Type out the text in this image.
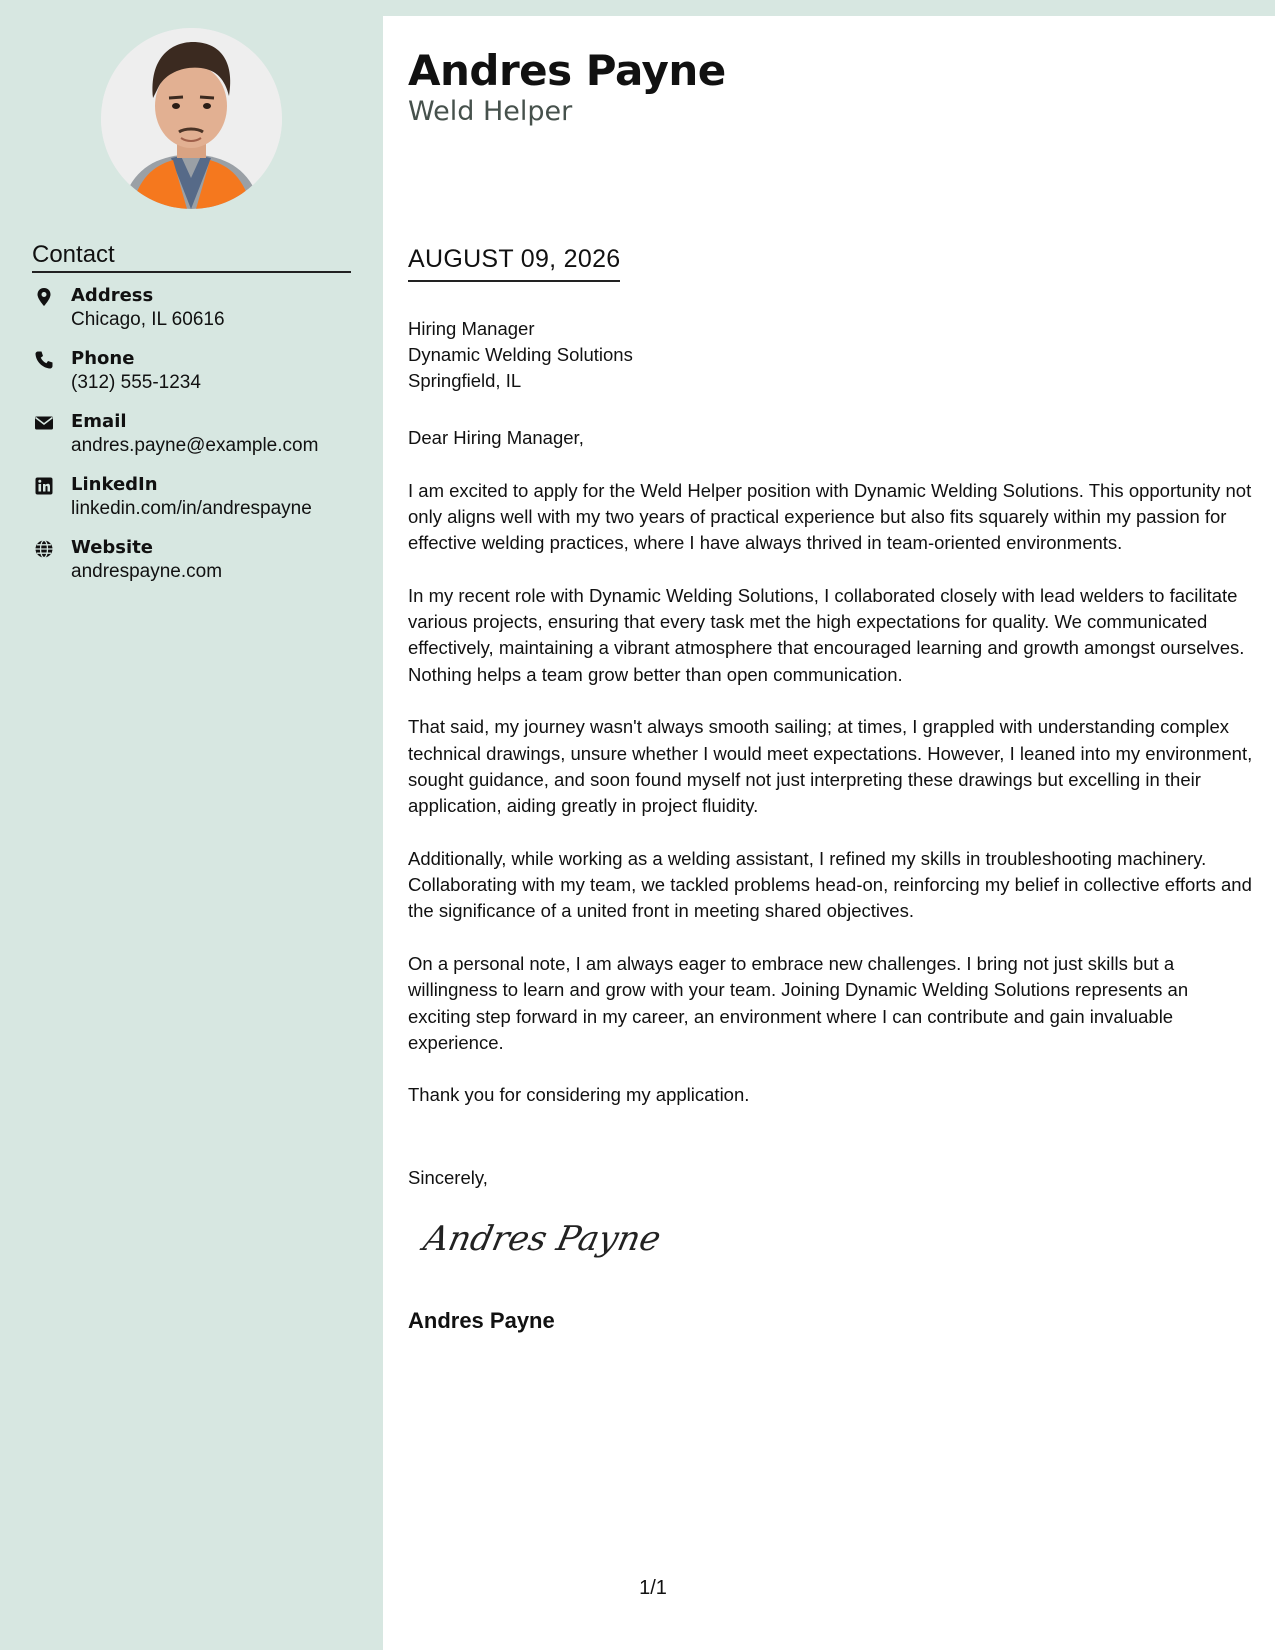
Contact
Address
Chicago, IL 60616
Phone
(312) 555-1234
Email
andres.payne@example.com
LinkedIn
linkedin.com/in/andrespayne
Website
andrespayne.com
Andres Payne
Weld Helper
AUGUST 09, 2026
Hiring Manager
Dynamic Welding Solutions
Springfield, IL

Dear Hiring Manager,

I am excited to apply for the Weld Helper position with Dynamic Welding Solutions. This opportunity not only aligns well with my two years of practical experience but also fits squarely within my passion for effective welding practices, where I have always thrived in team-oriented environments.

In my recent role with Dynamic Welding Solutions, I collaborated closely with lead welders to facilitate various projects, ensuring that every task met the high expectations for quality. We communicated effectively, maintaining a vibrant atmosphere that encouraged learning and growth amongst ourselves. Nothing helps a team grow better than open communication.

That said, my journey wasn't always smooth sailing; at times, I grappled with understanding complex technical drawings, unsure whether I would meet expectations. However, I leaned into my environment, sought guidance, and soon found myself not just interpreting these drawings but excelling in their application, aiding greatly in project fluidity.

Additionally, while working as a welding assistant, I refined my skills in troubleshooting machinery. Collaborating with my team, we tackled problems head-on, reinforcing my belief in collective efforts and the significance of a united front in meeting shared objectives.

On a personal note, I am always eager to embrace new challenges. I bring not just skills but a willingness to learn and grow with your team. Joining Dynamic Welding Solutions represents an exciting step forward in my career, an environment where I can contribute and gain invaluable experience.

Thank you for considering my application.

Sincerely,
Andres Payne
Andres Payne
1/1
